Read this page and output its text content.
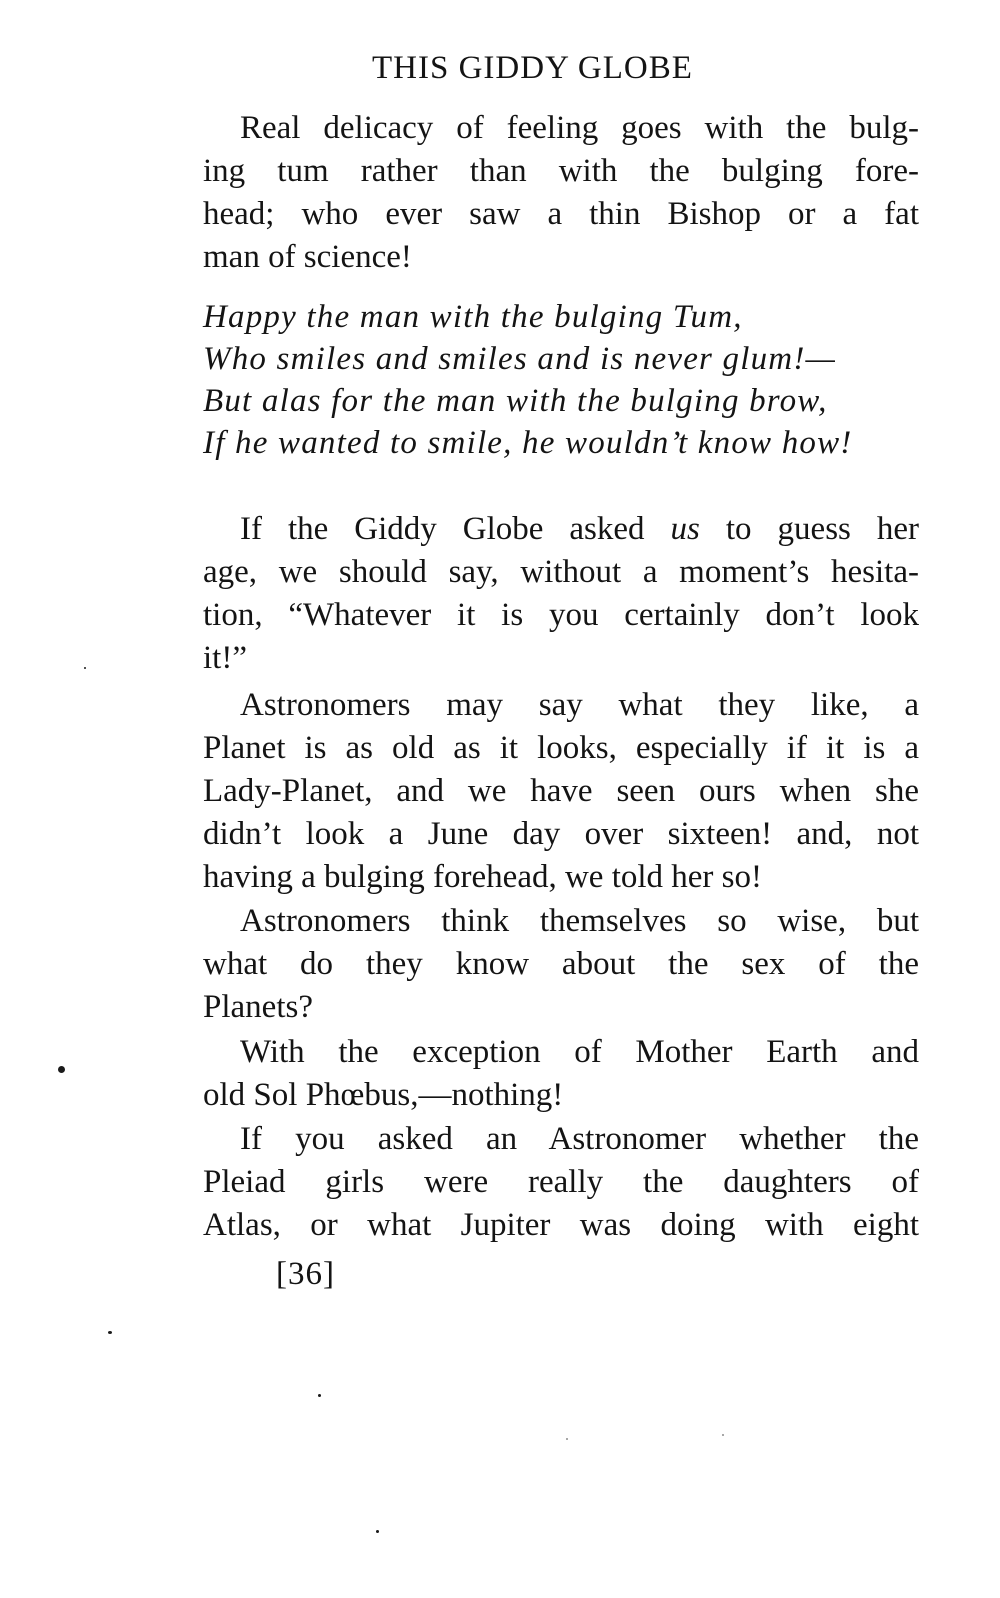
THIS GIDDY GLOBE
Real delicacy of feeling goes with the bulg-
ing tum rather than with the bulging fore-
head; who ever saw a thin Bishop or a fat
man of science!
Happy the man with the bulging Tum,
Who smiles and smiles and is never glum!—
But alas for the man with the bulging brow,
If he wanted to smile, he wouldn’t know how!
If the Giddy Globe asked us to guess her
age, we should say, without a moment’s hesita-
tion, “Whatever it is you certainly don’t look
it!”
Astronomers may say what they like, a
Planet is as old as it looks, especially if it is a
Lady-Planet, and we have seen ours when she
didn’t look a June day over sixteen! and, not
having a bulging forehead, we told her so!
Astronomers think themselves so wise, but
what do they know about the sex of the
Planets?
With the exception of Mother Earth and
old Sol Phœbus,—nothing!
If you asked an Astronomer whether the
Pleiad girls were really the daughters of
Atlas, or what Jupiter was doing with eight
[36]
